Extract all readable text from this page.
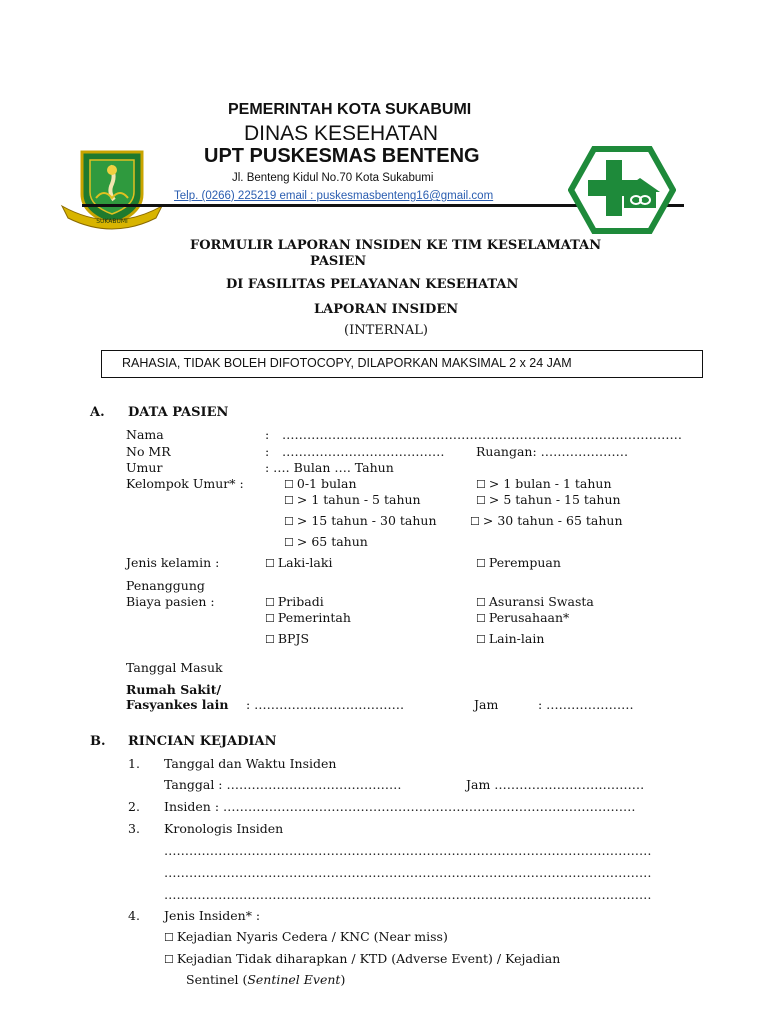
SUKABUMI
PEMERINTAH KOTA SUKABUMI
DINAS KESEHATAN
UPT PUSKESMAS BENTENG
Jl. Benteng Kidul No.70 Kota Sukabumi
Telp. (0266) 225219 email : puskesmasbenteng16@gmail.com
FORMULIR LAPORAN INSIDEN KE TIM KESELAMATAN
PASIEN
DI FASILITAS PELAYANAN KESEHATAN
LAPORAN INSIDEN
(INTERNAL)
RAHASIA, TIDAK BOLEH DIFOTOCOPY, DILAPORKAN MAKSIMAL 2 x 24 JAM
A. DATA PASIEN
Nama	: ……………………………………………………………………………………
No MR	: …………………………………	Ruangan: …………………
Umur	: …. Bulan …. Tahun
Kelompok Umur* :	☐ 0-1 bulan	☐ > 1 bulan - 1 tahun
☐ > 1 tahun - 5 tahun	☐ > 5 tahun - 15 tahun
☐ > 15 tahun - 30 tahun	☐ > 30 tahun - 65 tahun
☐ > 65 tahun
Jenis kelamin :	☐ Laki-laki	☐ Perempuan
Penanggung
Biaya pasien :	☐ Pribadi	☐ Asuransi Swasta
☐ Pemerintah	☐ Perusahaan*
☐ BPJS	☐ Lain-lain
Tanggal Masuk
Rumah Sakit/
Fasyankes lain : ………………………………	Jam	: …………………
B. RINCIAN KEJADIAN
1. Tanggal dan Waktu Insiden
Tanggal : ……………………………………	Jam ………………………………
2. Insiden : ………………………………………………………………………………………
3. Kronologis Insiden
………………………………………………………………………………………………………
………………………………………………………………………………………………………
………………………………………………………………………………………………………
4. Jenis Insiden* :
☐ Kejadian Nyaris Cedera / KNC (Near miss)
☐ Kejadian Tidak diharapkan / KTD (Adverse Event) / Kejadian
Sentinel (Sentinel Event)
